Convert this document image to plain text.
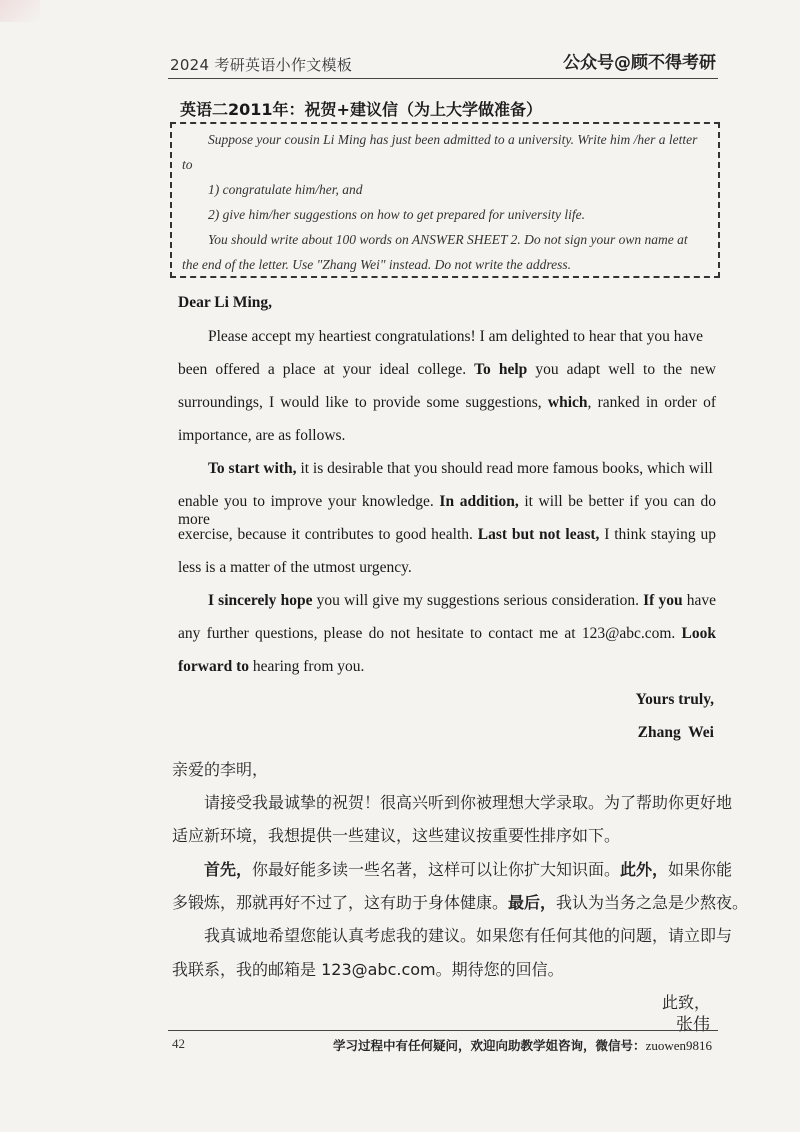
2024 考研英语小作文模板	公众号@顾不得考研
英语二2011年：祝贺+建议信（为上大学做准备）
Suppose your cousin Li Ming has just been admitted to a university. Write him /her a letter
to
1) congratulate him/her, and
2) give him/her suggestions on how to get prepared for university life.
You should write about 100 words on ANSWER SHEET 2. Do not sign your own name at
the end of the letter. Use "Zhang Wei" instead. Do not write the address.
Dear Li Ming,
Please accept my heartiest congratulations! I am delighted to hear that you have
been offered a place at your ideal college. To help you adapt well to the new
surroundings, I would like to provide some suggestions, which, ranked in order of
importance, are as follows.
To start with, it is desirable that you should read more famous books, which will
enable you to improve your knowledge. In addition, it will be better if you can do more
exercise, because it contributes to good health. Last but not least, I think staying up
less is a matter of the utmost urgency.
I sincerely hope you will give my suggestions serious consideration. If you have
any further questions, please do not hesitate to contact me at 123@abc.com. Look
forward to hearing from you.
Yours truly,
Zhang  Wei
亲爱的李明，
请接受我最诚挚的祝贺！很高兴听到你被理想大学录取。为了帮助你更好地
适应新环境，我想提供一些建议，这些建议按重要性排序如下。
首先，你最好能多读一些名著，这样可以让你扩大知识面。此外，如果你能
多锻炼，那就再好不过了，这有助于身体健康。最后，我认为当务之急是少熬夜。
我真诚地希望您能认真考虑我的建议。如果您有任何其他的问题，请立即与
我联系，我的邮箱是 123@abc.com。期待您的回信。
此致，
张伟
42	学习过程中有任何疑问，欢迎向助教学姐咨询，微信号：zuowen9816
